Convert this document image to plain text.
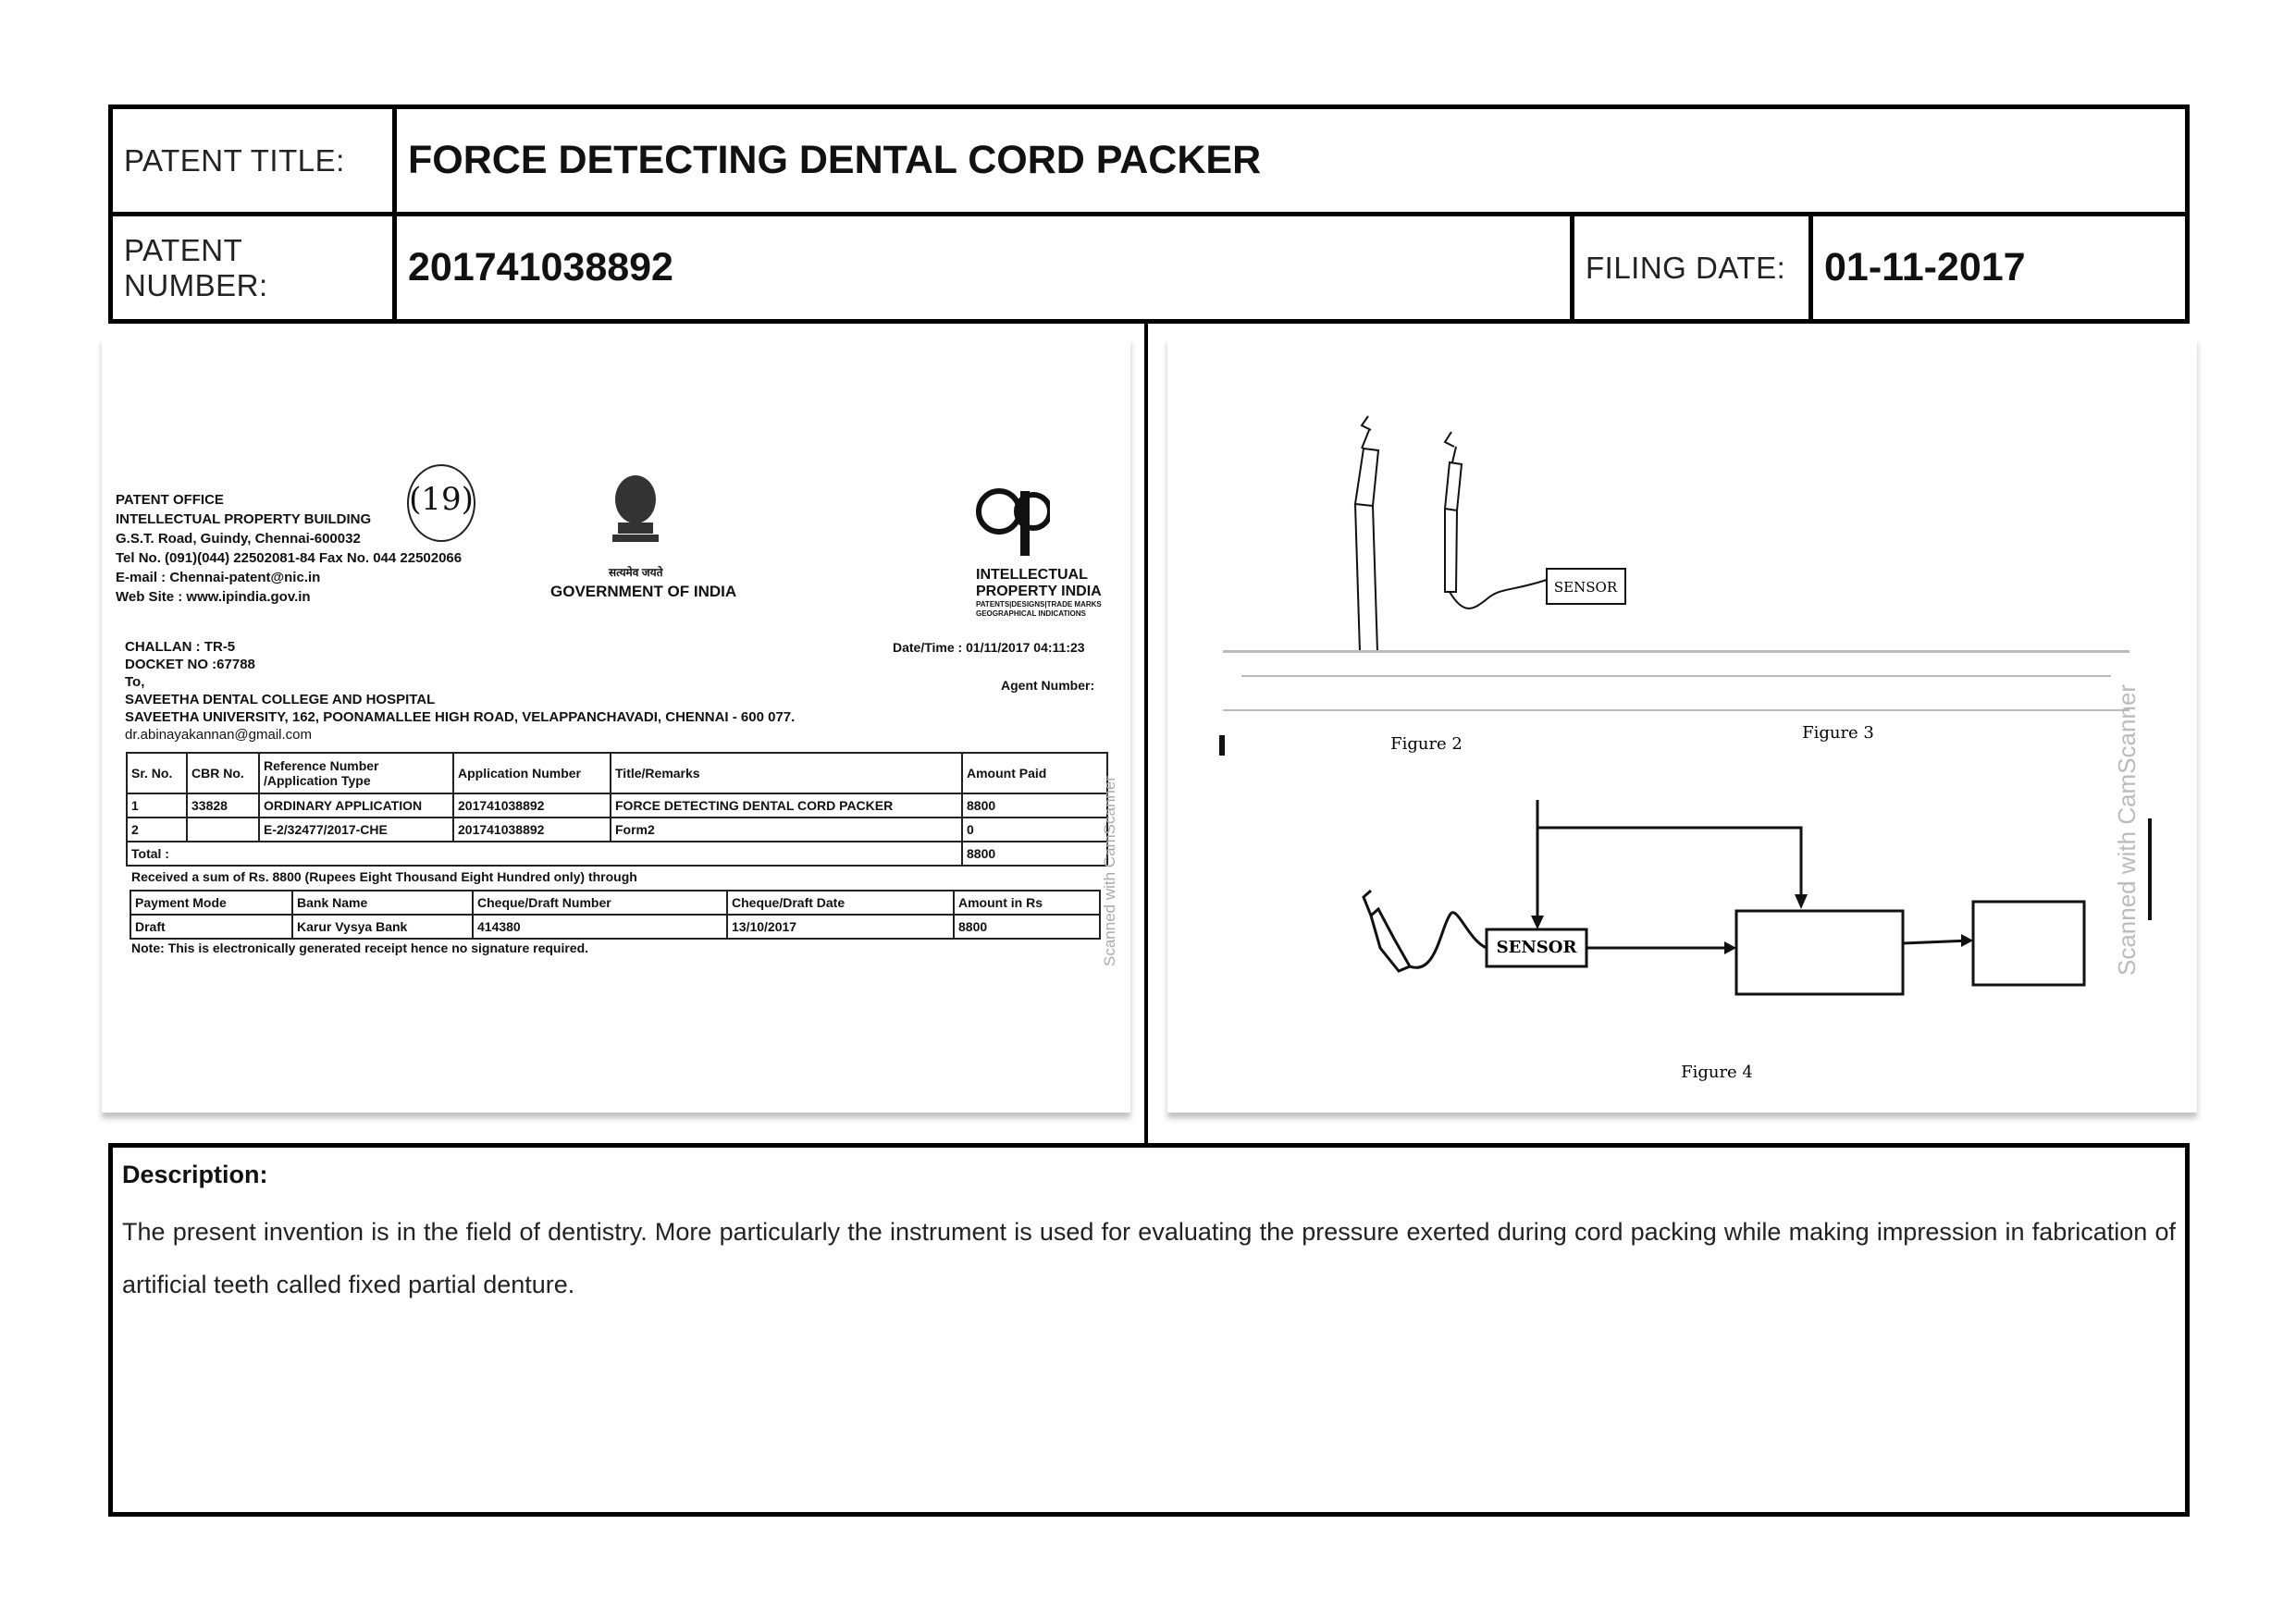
PATENT TITLE:	FORCE DETECTING DENTAL CORD PACKER
PATENT NUMBER:	201741038892	FILING DATE: 01-11-2017
PATENT OFFICE
INTELLECTUAL PROPERTY BUILDING
G.S.T. Road, Guindy, Chennai-600032
Tel No. (091)(044) 22502081-84 Fax No. 044 22502066
E-mail : Chennai-patent@nic.in
Web Site : www.ipindia.gov.in
(19)
सत्यमेव जयते
GOVERNMENT OF INDIA
INTELLECTUAL
PROPERTY INDIA
PATENTS|DESIGNS|TRADE MARKS
GEOGRAPHICAL INDICATIONS
CHALLAN : TR-5
DOCKET NO :67788
To,
SAVEETHA DENTAL COLLEGE AND HOSPITAL
SAVEETHA UNIVERSITY, 162, POONAMALLEE HIGH ROAD, VELAPPANCHAVADI, CHENNAI - 600 077.
dr.abinayakannan@gmail.com
Date/Time : 01/11/2017 04:11:23
Agent Number:
Sr. No.	CBR No.	Reference Number /Application Type	Application Number	Title/Remarks	Amount Paid
1	33828	ORDINARY APPLICATION	201741038892	FORCE DETECTING DENTAL CORD PACKER	8800
2		E-2/32477/2017-CHE	201741038892	Form2	0
Total :					8800
Received a sum of Rs. 8800 (Rupees Eight Thousand Eight Hundred only) through
Payment Mode	Bank Name	Cheque/Draft Number	Cheque/Draft Date	Amount in Rs
Draft	Karur Vysya Bank	414380	13/10/2017	8800
Note: This is electronically generated receipt hence no signature required.	Scanned with CamScanner
SENSOR
Figure 2
Figure 3
SENSOR
Figure 4
Scanned with CamScanner
Description:
The present invention is in the field of dentistry. More particularly the instrument is used for evaluating the pressure exerted during cord packing while making impression in fabrication of artificial teeth called fixed partial denture.
